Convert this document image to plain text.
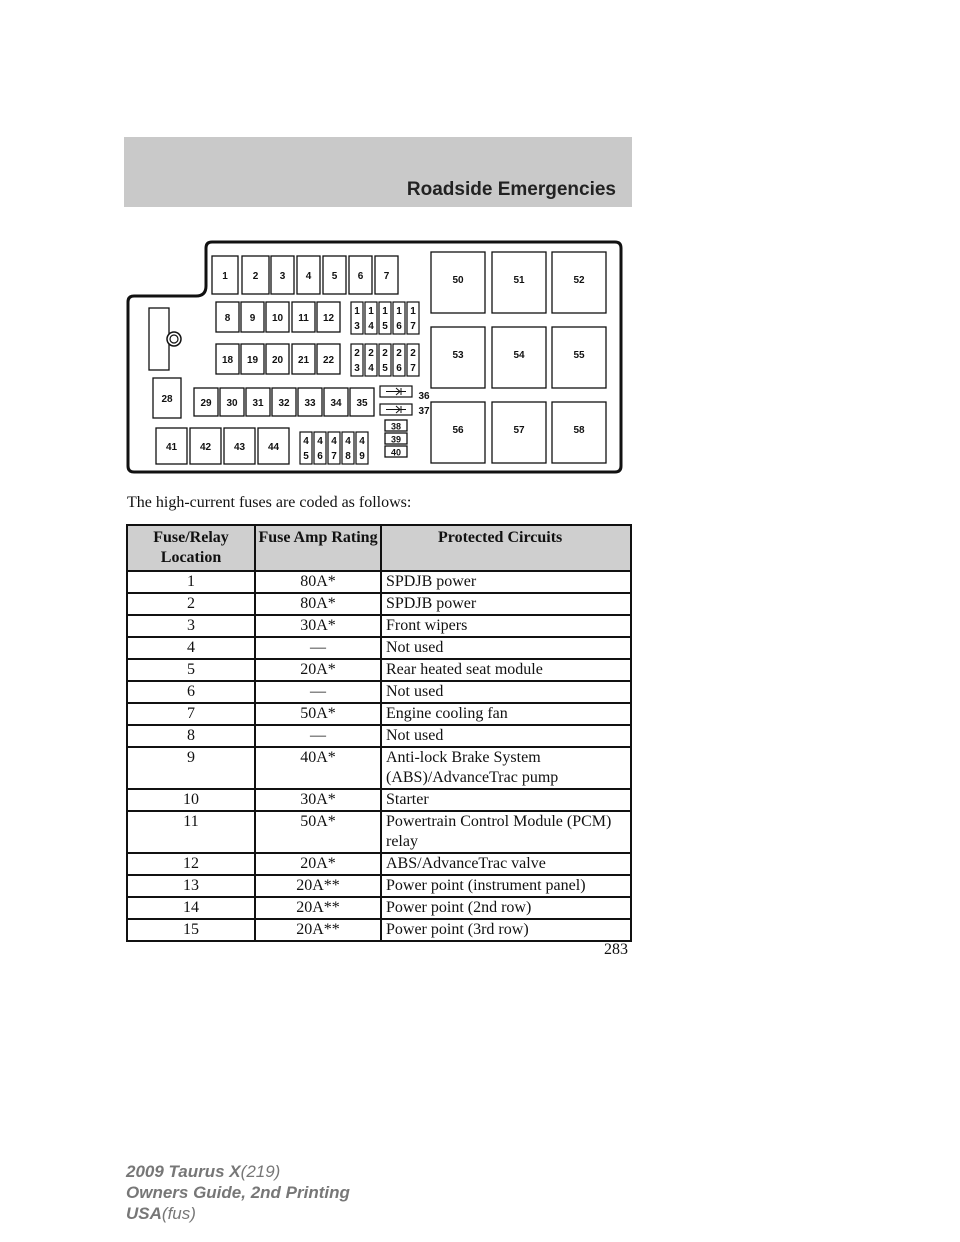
Roadside Emergencies
1 2 3 4 5 6 7
8 9 10 11 12
1
3
1
4
1
5
1
6
1
7
18 19 20 21 22
2
3
2
4
2
5
2
6
2
7
28	29 30 31 32 33 34 35
36
37
38
39
40
41 42 43 44
4
5
4
6
4
7
4
8
4
9
50	51	52
53	54	55
56	57	58
The high-current fuses are coded as follows:
Fuse/Relay Location	Fuse Amp Rating	Protected Circuits
1	80A*	SPDJB power
2	80A*	SPDJB power
3	30A*	Front wipers
4	—	Not used
5	20A*	Rear heated seat module
6	—	Not used
7	50A*	Engine cooling fan
8	—	Not used
9	40A*	Anti-lock Brake System (ABS)/AdvanceTrac pump
10	30A*	Starter
11	50A*	Powertrain Control Module (PCM) relay
12	20A*	ABS/AdvanceTrac valve
13	20A**	Power point (instrument panel)
14	20A**	Power point (2nd row)
15	20A**	Power point (3rd row)
283
2009 Taurus X(219)
Owners Guide, 2nd Printing
USA(fus)
